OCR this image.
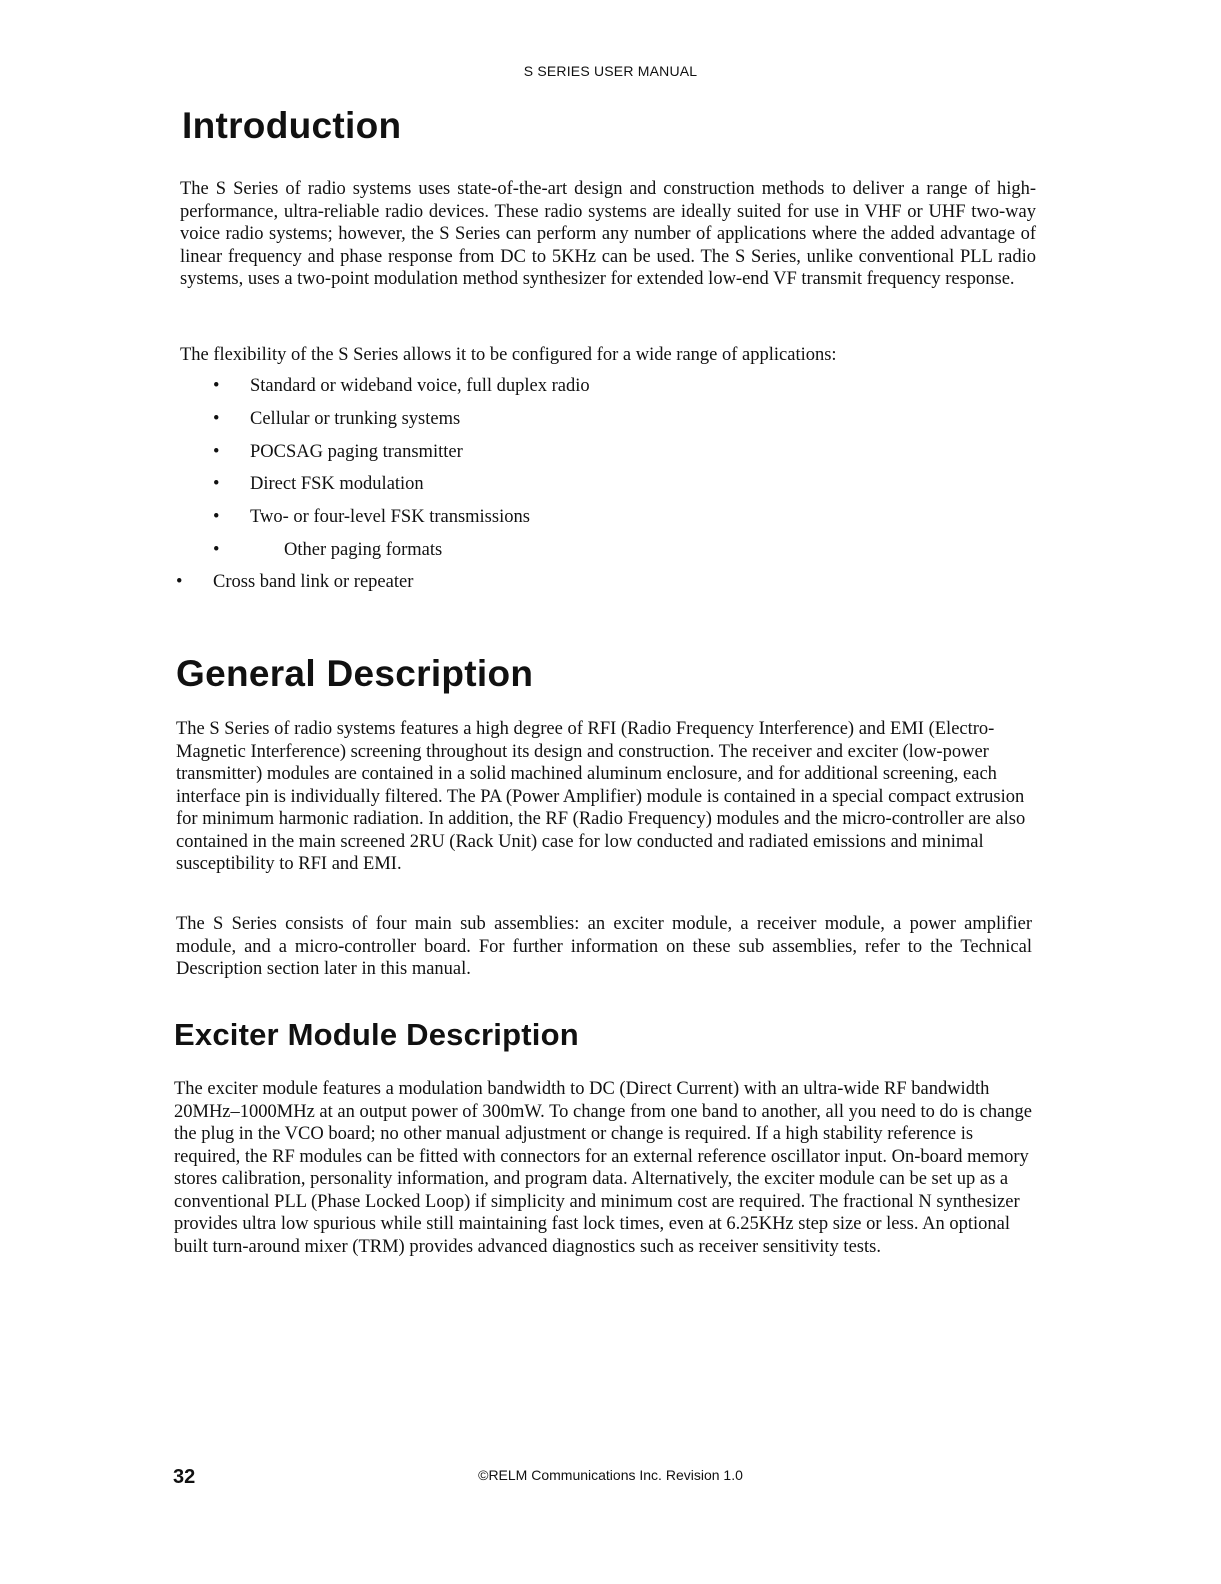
S SERIES USER MANUAL
Introduction

The S Series of radio systems uses state-of-the-art design and construction methods to deliver a range of high-performance, ultra-reliable radio devices. These radio systems are ideally suited for use in VHF or UHF two-way voice radio systems; however, the S Series can perform any number of applications where the added advantage of linear frequency and phase response from DC to 5KHz can be used. The S Series, unlike conventional PLL radio systems, uses a two-point modulation method synthesizer for extended low-end VF transmit frequency response.

The flexibility of the S Series allows it to be configured for a wide range of applications:

• Standard or wideband voice, full duplex radio
• Cellular or trunking systems
• POCSAG paging transmitter
• Direct FSK modulation
• Two- or four-level FSK transmissions
•	Other paging formats
• Cross band link or repeater
General Description

The S Series of radio systems features a high degree of RFI (Radio Frequency Interference) and EMI (Electro-Magnetic Interference) screening throughout its design and construction. The receiver and exciter (low-power transmitter) modules are contained in a solid machined aluminum enclosure, and for additional screening, each interface pin is individually filtered. The PA (Power Amplifier) module is contained in a special compact extrusion for minimum harmonic radiation. In addition, the RF (Radio Frequency) modules and the micro-controller are also contained in the main screened 2RU (Rack Unit) case for low conducted and radiated emissions and minimal susceptibility to RFI and EMI.

The S Series consists of four main sub assemblies: an exciter module, a receiver module, a power amplifier module, and a micro-controller board. For further information on these sub assemblies, refer to the Technical Description section later in this manual.

Exciter Module Description

The exciter module features a modulation bandwidth to DC (Direct Current) with an ultra-wide RF bandwidth 20MHz–1000MHz at an output power of 300mW. To change from one band to another, all you need to do is change the plug in the VCO board; no other manual adjustment or change is required. If a high stability reference is required, the RF modules can be fitted with connectors for an external reference oscillator input. On-board memory stores calibration, personality information, and program data. Alternatively, the exciter module can be set up as a conventional PLL (Phase Locked Loop) if simplicity and minimum cost are required. The fractional N synthesizer provides ultra low spurious while still maintaining fast lock times, even at 6.25KHz step size or less. An optional built turn-around mixer (TRM) provides advanced diagnostics such as receiver sensitivity tests.

32	©RELM Communications Inc. Revision 1.0
